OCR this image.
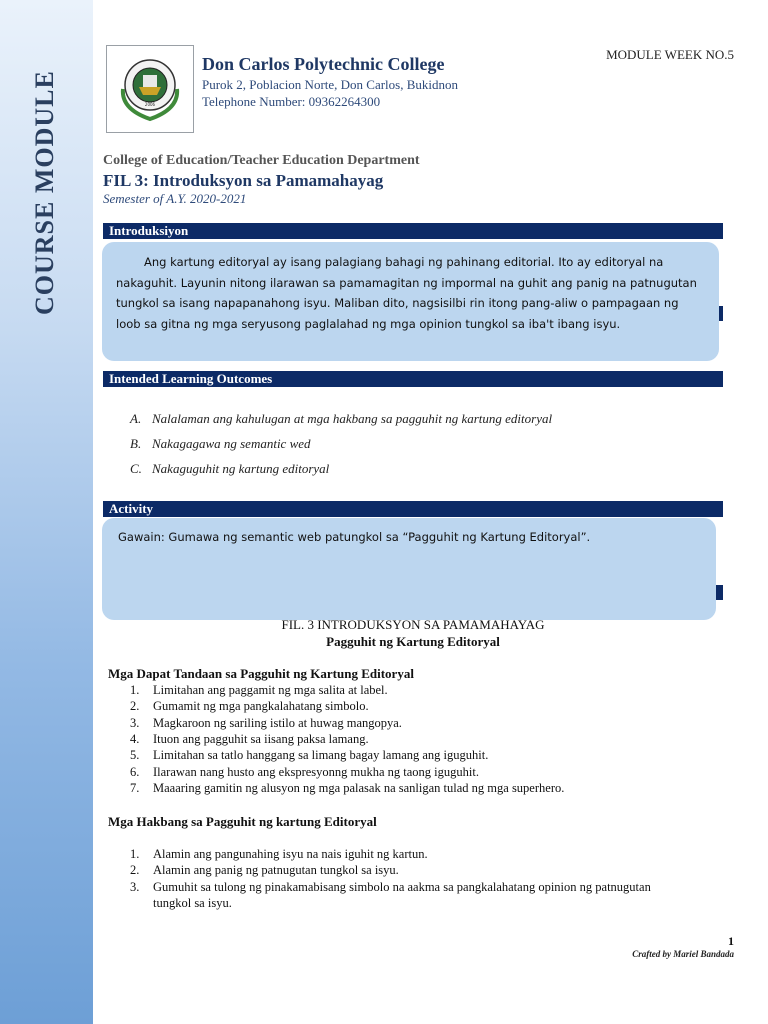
COURSE MODULE	2006
Don Carlos Polytechnic College
Purok 2, Poblacion Norte, Don Carlos, Bukidnon
Telephone Number: 09362264300
MODULE WEEK NO.5
College of Education/Teacher Education Department
FIL 3: Introduksyon sa Pamamahayag
Semester of A.Y. 2020-2021
Introduksiyon
Ang kartung editoryal ay isang palagiang bahagi ng pahinang editorial. Ito ay editoryal na nakaguhit. Layunin nitong ilarawan sa pamamagitan ng impormal na guhit ang panig na patnugutan tungkol sa isang napapanahong isyu. Maliban dito, nagsisilbi rin itong pang-aliw o pampagaan ng loob sa gitna ng mga seryusong paglalahad ng mga opinion tungkol sa iba't ibang isyu.
Intended Learning Outcomes
A. Nalalaman ang kahulugan at mga hakbang sa pagguhit ng kartung editoryal
B. Nakagagawa ng semantic wed
C. Nakaguguhit ng kartung editoryal
Activity
Gawain: Gumawa ng semantic web patungkol sa “Pagguhit ng Kartung Editoryal”.
FIL. 3 INTRODUKSYON SA PAMAMAHAYAG
Pagguhit ng Kartung Editoryal
Mga Dapat Tandaan sa Pagguhit ng Kartung Editoryal
1. Limitahan ang paggamit ng mga salita at label.
2. Gumamit ng mga pangkalahatang simbolo.
3. Magkaroon ng sariling istilo at huwag mangopya.
4. Ituon ang pagguhit sa iisang paksa lamang.
5. Limitahan sa tatlo hanggang sa limang bagay lamang ang iguguhit.
6. Ilarawan nang husto ang ekspresyonng mukha ng taong iguguhit.
7. Maaaring gamitin ng alusyon ng mga palasak na sanligan tulad ng mga superhero.
Mga Hakbang sa Pagguhit ng kartung Editoryal
1. Alamin ang pangunahing isyu na nais iguhit ng kartun.
2. Alamin ang panig ng patnugutan tungkol sa isyu.
3. Gumuhit sa tulong ng pinakamabisang simbolo na aakma sa pangkalahatang opinion ng patnugutan
tungkol sa isyu.
1
Crafted by Mariel Bandada
